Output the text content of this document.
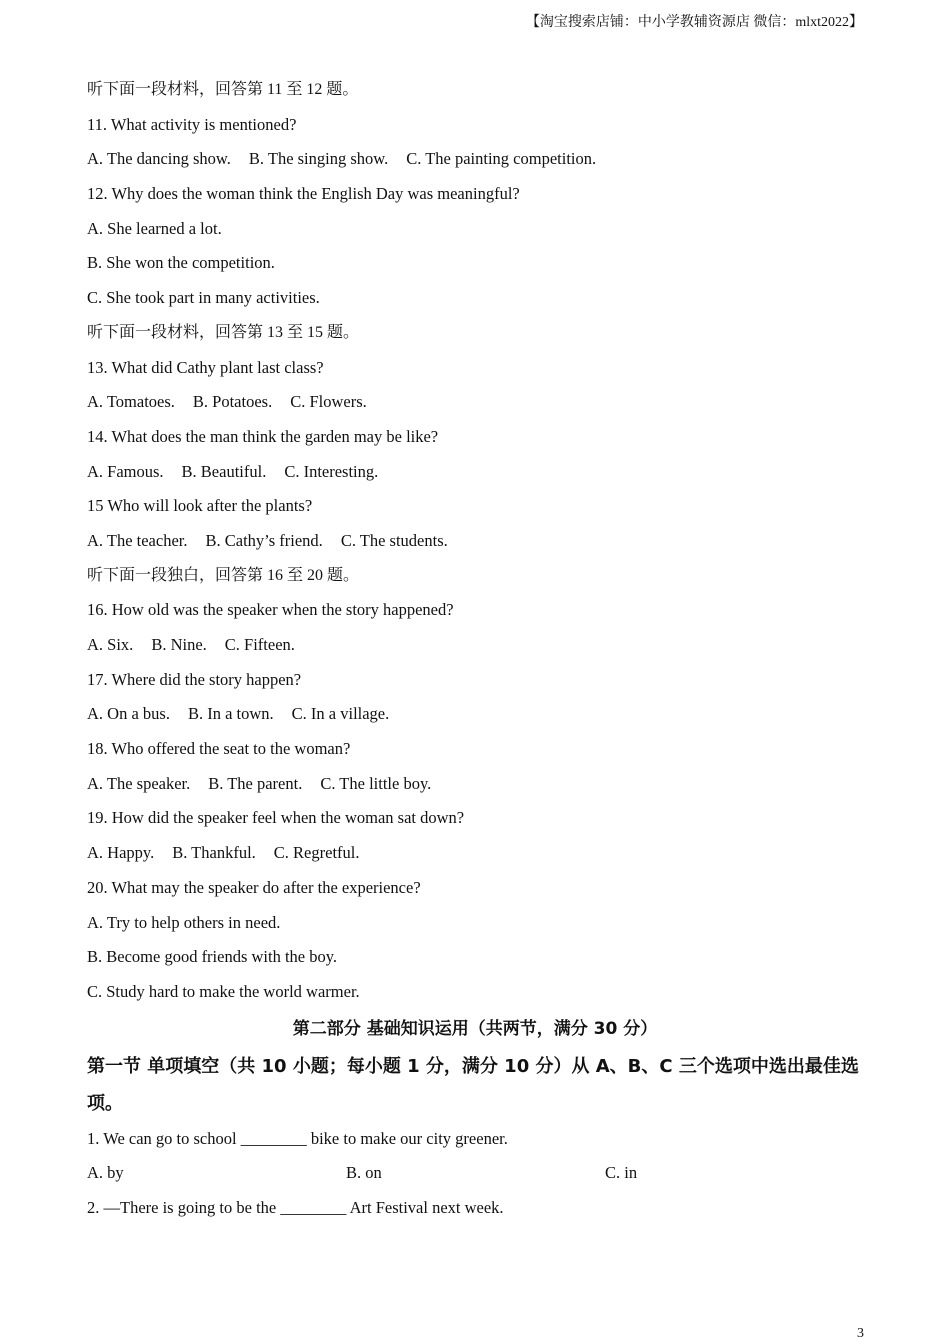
【淘宝搜索店铺：中小学教辅资源店 微信：mlxt2022】
听下面一段材料，回答第 11 至 12 题。
11. What activity is mentioned?
A. The dancing show. B. The singing show. C. The painting competition.
12. Why does the woman think the English Day was meaningful?
A. She learned a lot.
B. She won the competition.
C. She took part in many activities.
听下面一段材料，回答第 13 至 15 题。
13. What did Cathy plant last class?
A. Tomatoes. B. Potatoes. C. Flowers.
14. What does the man think the garden may be like?
A. Famous. B. Beautiful. C. Interesting.
15 Who will look after the plants?
A. The teacher. B. Cathy’s friend. C. The students.
听下面一段独白，回答第 16 至 20 题。
16. How old was the speaker when the story happened?
A. Six. B. Nine. C. Fifteen.
17. Where did the story happen?
A. On a bus. B. In a town. C. In a village.
18. Who offered the seat to the woman?
A. The speaker. B. The parent. C. The little boy.
19. How did the speaker feel when the woman sat down?
A. Happy. B. Thankful. C. Regretful.
20. What may the speaker do after the experience?
A. Try to help others in need.
B. Become good friends with the boy.
C. Study hard to make the world warmer.
第二部分 基础知识运用（共两节，满分 30 分）
第一节 单项填空（共 10 小题；每小题 1 分，满分 10 分）从 A、B、C 三个选项中选出最佳选项。
1. We can go to school ________ bike to make our city greener.
A. by	B. on	C. in
2. —There is going to be the ________ Art Festival next week.
3
